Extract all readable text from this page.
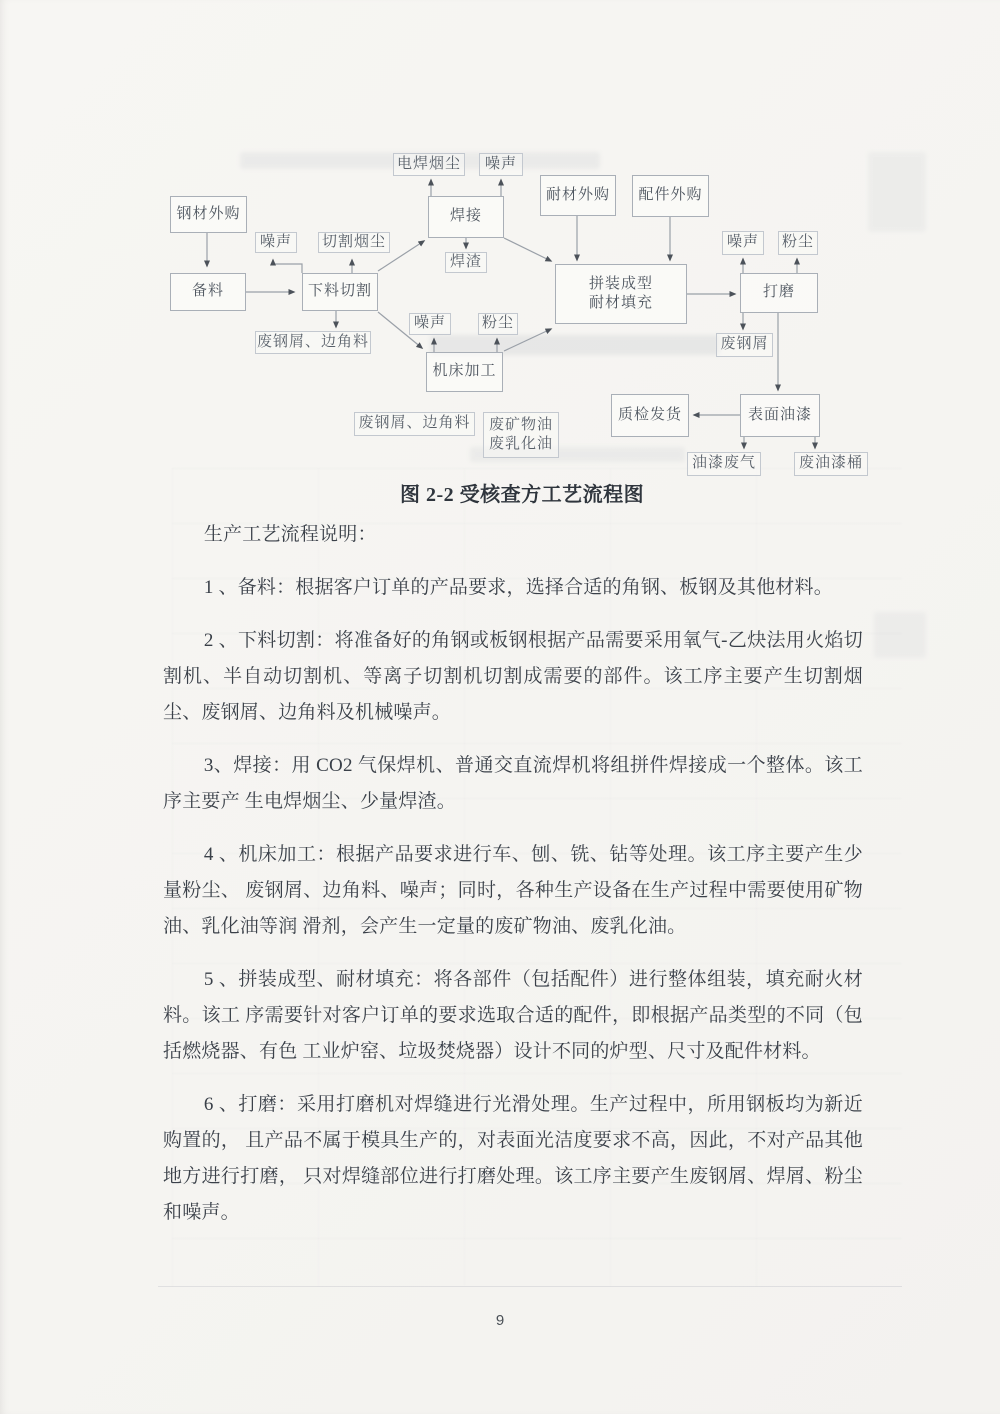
钢材外购
备料	下料切割
焊接
机床加工
拼装成型
耐材填充
打磨
质检发货	表面油漆
耐材外购	配件外购
电焊烟尘	噪声
噪声	切割烟尘
焊渣
废钢屑、边角料
噪声	粉尘
废钢屑、边角料	废矿物油
废乳化油
噪声	粉尘
废钢屑
油漆废气	废油漆桶
图 2-2 受核查方工艺流程图

生产工艺流程说明：

1 、备料：根据客户订单的产品要求，选择合适的角钢、板钢及其他材料。

2 、下料切割：将准备好的角钢或板钢根据产品需要采用氧气-乙炔法用火焰切割机、半自动切割机、等离子切割机切割成需要的部件。该工序主要产生切割烟尘、废钢屑、边角料及机械噪声。

3、焊接：用 CO2 气保焊机、普通交直流焊机将组拼件焊接成一个整体。该工序主要产 生电焊烟尘、少量焊渣。

4 、机床加工：根据产品要求进行车、刨、铣、钻等处理。该工序主要产生少量粉尘、 废钢屑、边角料、噪声；同时，各种生产设备在生产过程中需要使用矿物油、乳化油等润 滑剂，会产生一定量的废矿物油、废乳化油。

5 、拼装成型、耐材填充：将各部件（包括配件）进行整体组装，填充耐火材料。该工 序需要针对客户订单的要求选取合适的配件，即根据产品类型的不同（包括燃烧器、有色 工业炉窑、垃圾焚烧器）设计不同的炉型、尺寸及配件材料。

6 、打磨：采用打磨机对焊缝进行光滑处理。生产过程中，所用钢板均为新近购置的， 且产品不属于模具生产的，对表面光洁度要求不高，因此，不对产品其他地方进行打磨， 只对焊缝部位进行打磨处理。该工序主要产生废钢屑、焊屑、粉尘和噪声。

9
